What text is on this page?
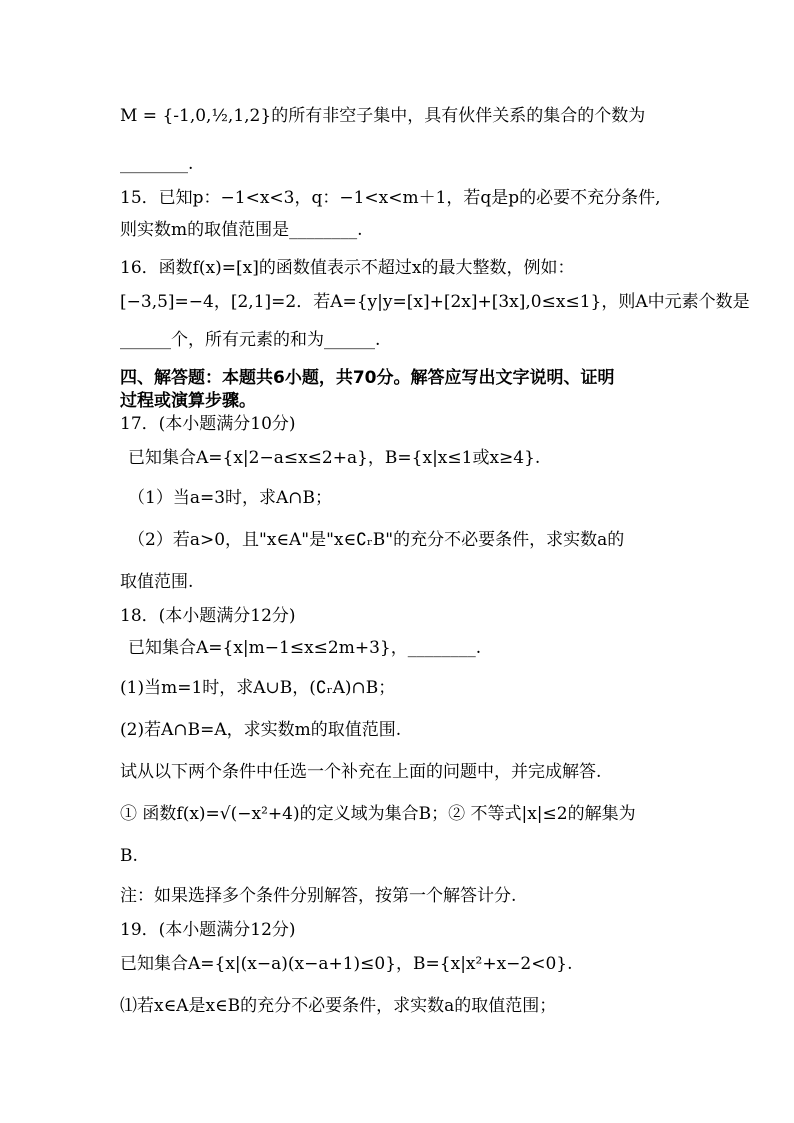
M = {-1,0,½,1,2}的所有非空子集中，具有伙伴关系的集合的个数为
________.
15．已知p：−1<x<3，q：−1<x<m＋1，若q是p的必要不充分条件,
则实数m的取值范围是________.
16．函数f(x)=[x]的函数值表示不超过x的最大整数，例如：
[−3,5]=−4，[2,1]=2．若A={y|y=[x]+[2x]+[3x],0≤x≤1}，则A中元素个数是
______个，所有元素的和为______.
四、解答题：本题共6小题，共70分。解答应写出文字说明、证明
过程或演算步骤。
17．(本小题满分10分)
已知集合A={x|2−a≤x≤2+a}，B={x|x≤1或x≥4}.
（1）当a=3时，求A∩B；
（2）若a>0，且"x∈A"是"x∈∁ᵣB"的充分不必要条件，求实数a的
取值范围.
18．(本小题满分12分)
已知集合A={x|m−1≤x≤2m+3}，________.
(1)当m=1时，求A∪B，(∁ᵣA)∩B；
(2)若A∩B=A，求实数m的取值范围.
试从以下两个条件中任选一个补充在上面的问题中，并完成解答.
① 函数f(x)=√(−x²+4)的定义域为集合B；② 不等式|x|≤2的解集为
B.
注：如果选择多个条件分别解答，按第一个解答计分.
19．(本小题满分12分)
已知集合A={x|(x−a)(x−a+1)≤0}，B={x|x²+x−2<0}.
⑴若x∈A是x∈B的充分不必要条件，求实数a的取值范围；
